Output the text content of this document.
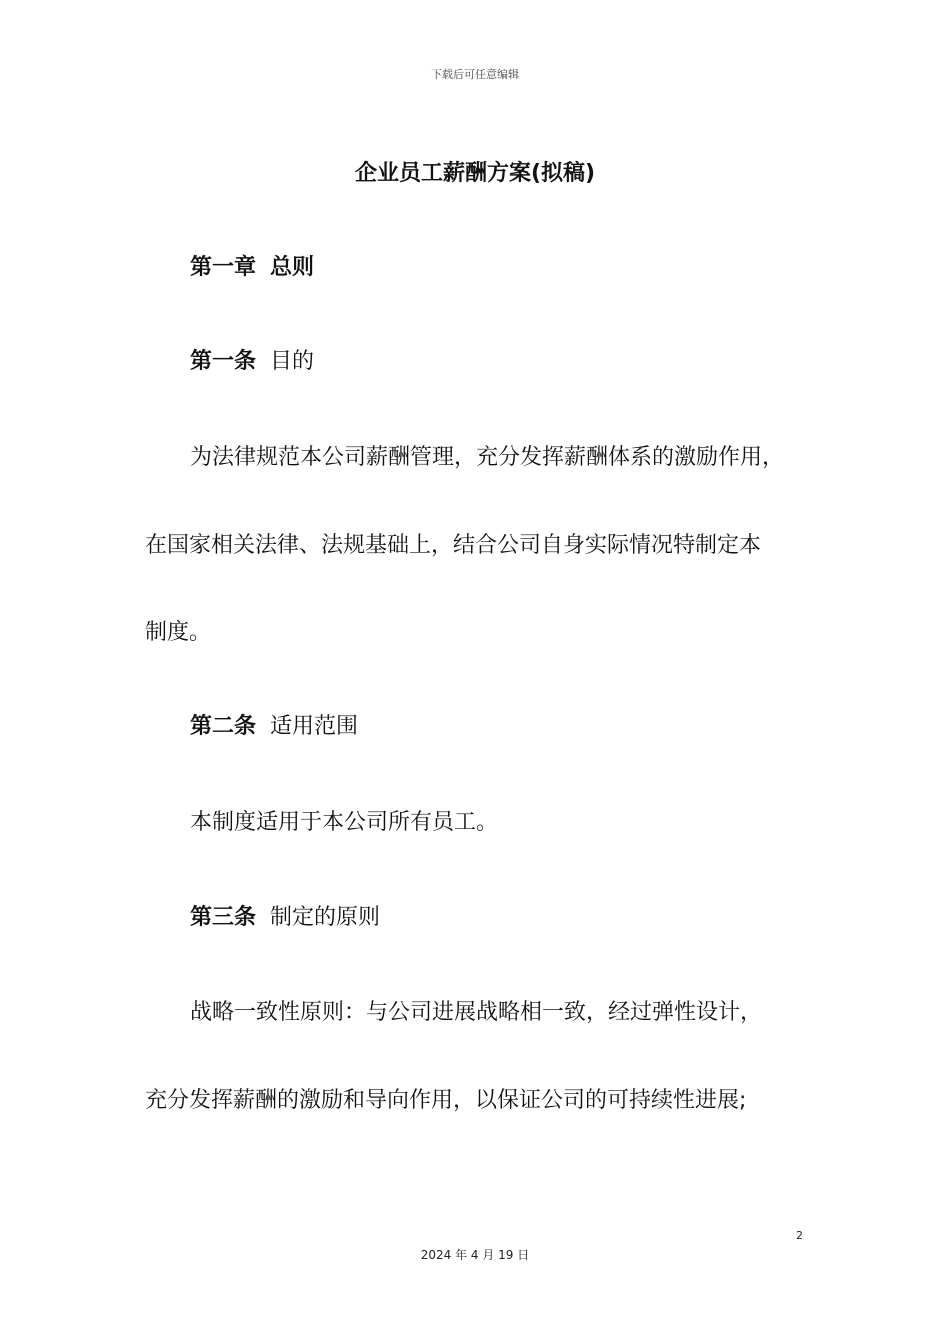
下载后可任意编辑
企业员工薪酬方案(拟稿)
第一章 总则
第一条 目的
为法律规范本公司薪酬管理，充分发挥薪酬体系的激励作用，
在国家相关法律、法规基础上，结合公司自身实际情况特制定本
制度。
第二条 适用范围
本制度适用于本公司所有员工。
第三条 制定的原则
战略一致性原则：与公司进展战略相一致，经过弹性设计，
充分发挥薪酬的激励和导向作用，以保证公司的可持续性进展;
2
2024 年 4 月 19 日
